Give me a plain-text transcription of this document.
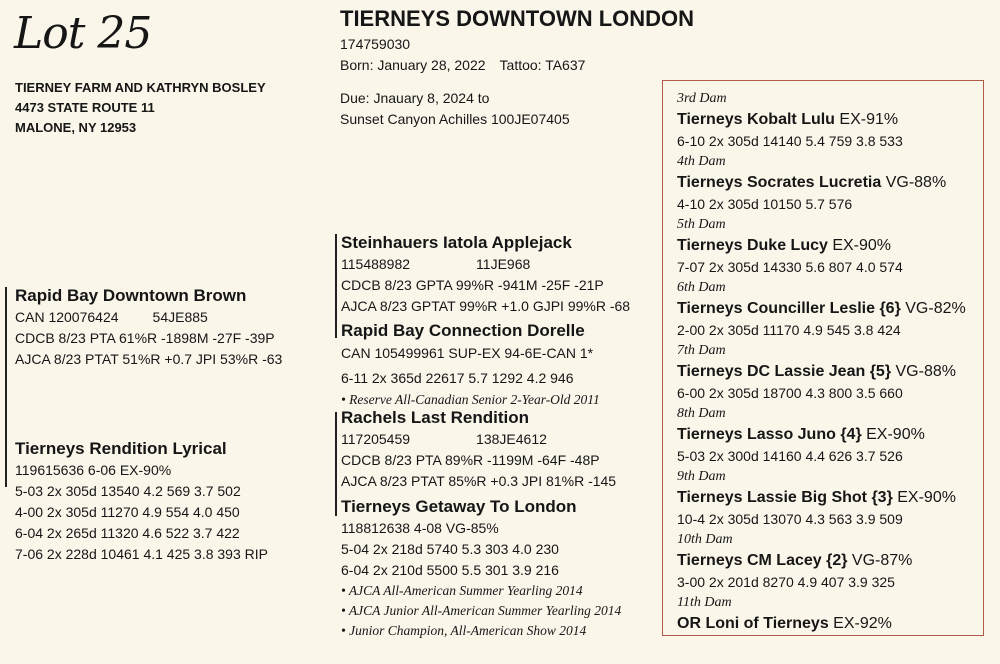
Lot 25
TIERNEY FARM AND KATHRYN BOSLEY
4473 STATE ROUTE 11
MALONE, NY 12953
TIERNEYS DOWNTOWN LONDON
174759030
Born: January 28, 2022 Tattoo: TA637
Due: Jnauary 8, 2024 to
Sunset Canyon Achilles 100JE07405
Rapid Bay Downtown Brown
CAN 120076424 54JE885
CDCB 8/23 PTA 61%R -1898M -27F -39P
AJCA 8/23 PTAT 51%R +0.7 JPI 53%R -63
Tierneys Rendition Lyrical
119615636 6-06 EX-90%
5-03 2x 305d 13540 4.2 569 3.7 502
4-00 2x 305d 11270 4.9 554 4.0 450
6-04 2x 265d 11320 4.6 522 3.7 422
7-06 2x 228d 10461 4.1 425 3.8 393 RIP
Steinhauers Iatola Applejack
115488982	11JE968
CDCB 8/23 GPTA 99%R -941M -25F -21P
AJCA 8/23 GPTAT 99%R +1.0 GJPI 99%R -68
Rapid Bay Connection Dorelle
CAN 105499961 SUP-EX 94-6E-CAN 1*
6-11 2x 365d 22617 5.7 1292 4.2 946
• Reserve All-Canadian Senior 2-Year-Old 2011
Rachels Last Rendition
117205459	138JE4612
CDCB 8/23 PTA 89%R -1199M -64F -48P
AJCA 8/23 PTAT 85%R +0.3 JPI 81%R -145
Tierneys Getaway To London
118812638 4-08 VG-85%
5-04 2x 218d 5740 5.3 303 4.0 230
6-04 2x 210d 5500 5.5 301 3.9 216
• AJCA All-American Summer Yearling 2014
• AJCA Junior All-American Summer Yearling 2014
• Junior Champion, All-American Show 2014
3rd Dam
Tierneys Kobalt Lulu EX-91%
6-10 2x 305d 14140 5.4 759 3.8 533
4th Dam
Tierneys Socrates Lucretia VG-88%
4-10 2x 305d 10150 5.7 576
5th Dam
Tierneys Duke Lucy EX-90%
7-07 2x 305d 14330 5.6 807 4.0 574
6th Dam
Tierneys Counciller Leslie {6} VG-82%
2-00 2x 305d 11170 4.9 545 3.8 424
7th Dam
Tierneys DC Lassie Jean {5} VG-88%
6-00 2x 305d 18700 4.3 800 3.5 660
8th Dam
Tierneys Lasso Juno {4} EX-90%
5-03 2x 300d 14160 4.4 626 3.7 526
9th Dam
Tierneys Lassie Big Shot {3} EX-90%
10-4 2x 305d 13070 4.3 563 3.9 509
10th Dam
Tierneys CM Lacey {2} VG-87%
3-00 2x 201d 8270 4.9 407 3.9 325
11th Dam
OR Loni of Tierneys EX-92%
